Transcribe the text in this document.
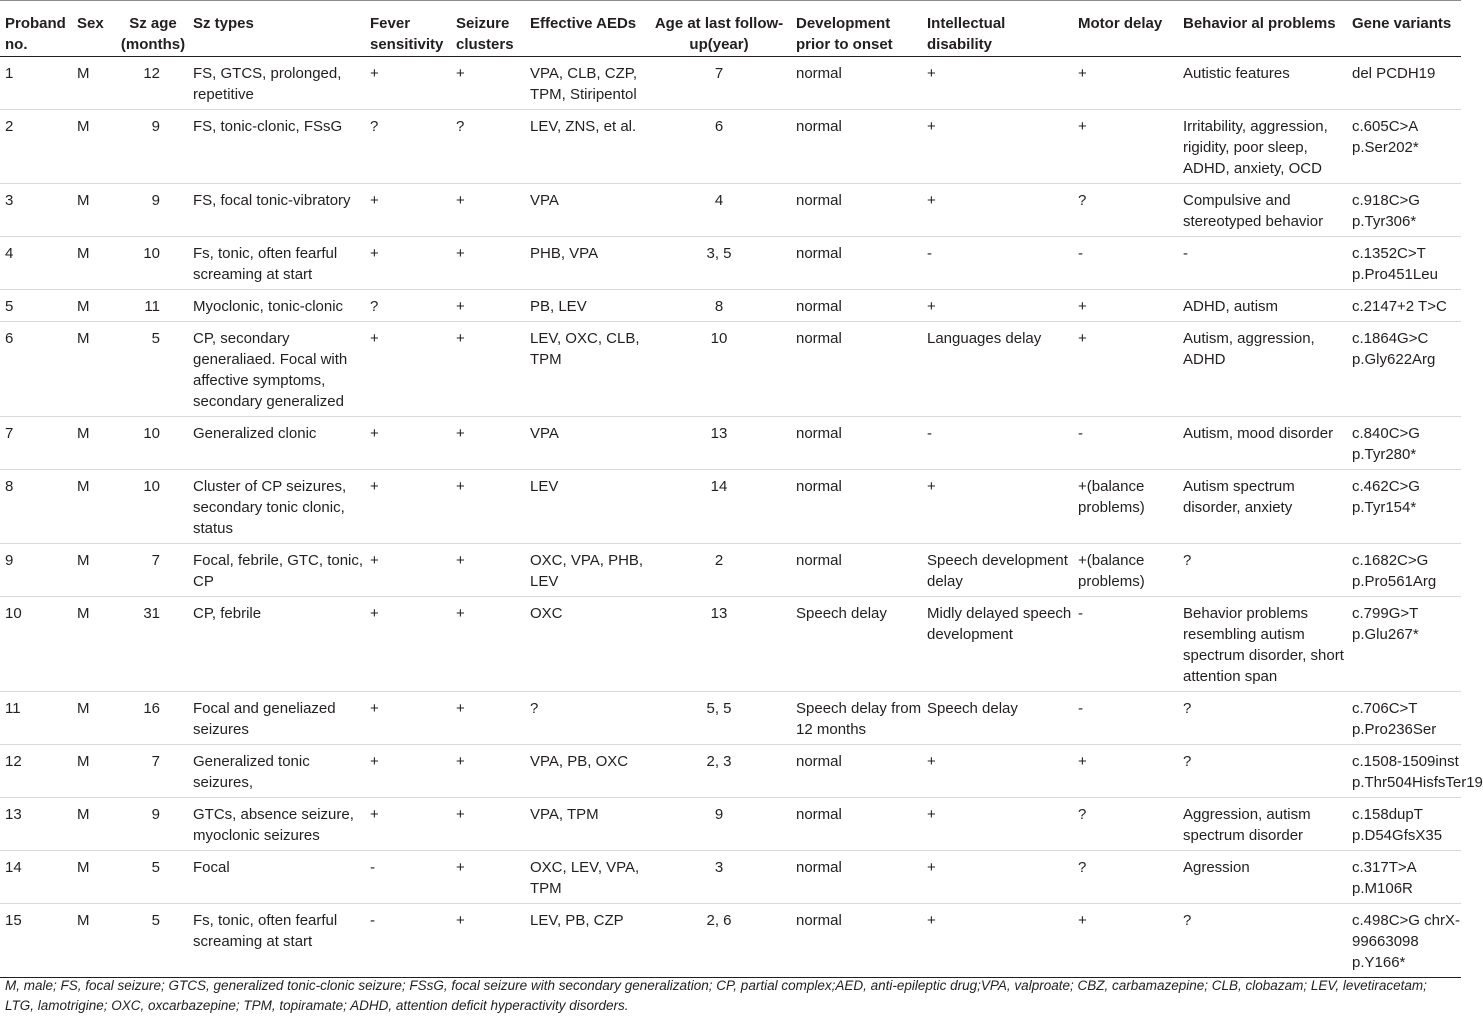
Proband no.	Sex	Sz age (months)	Sz types	Fever sensitivity	Seizure clusters	Effective AEDs	Age at last follow-up(year)	Development prior to onset	Intellectual disability	Motor delay	Behavior al problems	Gene variants
1	M	12	FS, GTCS, prolonged, repetitive	+	+	VPA, CLB, CZP, TPM, Stiripentol	7	normal	+	+	Autistic features	del PCDH19
2	M	9	FS, tonic-clonic, FSsG	?	?	LEV, ZNS, et al.	6	normal	+	+	Irritability, aggression, rigidity, poor sleep, ADHD, anxiety, OCD	c.605C>A p.Ser202*
3	M	9	FS, focal tonic-vibratory	+	+	VPA	4	normal	+	?	Compulsive and stereotyped behavior	c.918C>G p.Tyr306*
4	M	10	Fs, tonic, often fearful screaming at start	+	+	PHB, VPA	3, 5	normal	-	-	-	c.1352C>T p.Pro451Leu
5	M	11	Myoclonic, tonic-clonic	?	+	PB, LEV	8	normal	+	+	ADHD, autism	c.2147+2 T>C
6	M	5	CP, secondary generaliaed. Focal with affective symptoms, secondary generalized	+	+	LEV, OXC, CLB, TPM	10	normal	Languages delay	+	Autism, aggression, ADHD	c.1864G>C p.Gly622Arg
7	M	10	Generalized clonic	+	+	VPA	13	normal	-	-	Autism, mood disorder	c.840C>G p.Tyr280*
8	M	10	Cluster of CP seizures, secondary tonic clonic, status	+	+	LEV	14	normal	+	+(balance problems)	Autism spectrum disorder, anxiety	c.462C>G p.Tyr154*
9	M	7	Focal, febrile, GTC, tonic, CP	+	+	OXC, VPA, PHB, LEV	2	normal	Speech development delay	+(balance problems)	?	c.1682C>G p.Pro561Arg
10	M	31	CP, febrile	+	+	OXC	13	Speech delay	Midly delayed speech development	-	Behavior problems resembling autism spectrum disorder, short attention span	c.799G>T p.Glu267*
11	M	16	Focal and geneliazed seizures	+	+	?	5, 5	Speech delay from 12 months	Speech delay	-	?	c.706C>T p.Pro236Ser
12	M	7	Generalized tonic seizures,	+	+	VPA, PB, OXC	2, 3	normal	+	+	?	c.1508-1509inst p.Thr504HisfsTer19
13	M	9	GTCs, absence seizure, myoclonic seizures	+	+	VPA, TPM	9	normal	+	?	Aggression, autism spectrum disorder	c.158dupT p.D54GfsX35
14	M	5	Focal	-	+	OXC, LEV, VPA, TPM	3	normal	+	?	Agression	c.317T>A p.M106R
15	M	5	Fs, tonic, often fearful screaming at start	-	+	LEV, PB, CZP	2, 6	normal	+	+	?	c.498C>G chrX-99663098 p.Y166*
M, male; FS, focal seizure; GTCS, generalized tonic-clonic seizure; FSsG, focal seizure with secondary generalization; CP, partial complex;AED, anti-epileptic drug;VPA, valproate; CBZ, carbamazepine; CLB, clobazam; LEV, levetiracetam; LTG, lamotrigine; OXC, oxcarbazepine; TPM, topiramate; ADHD, attention deficit hyperactivity disorders.
